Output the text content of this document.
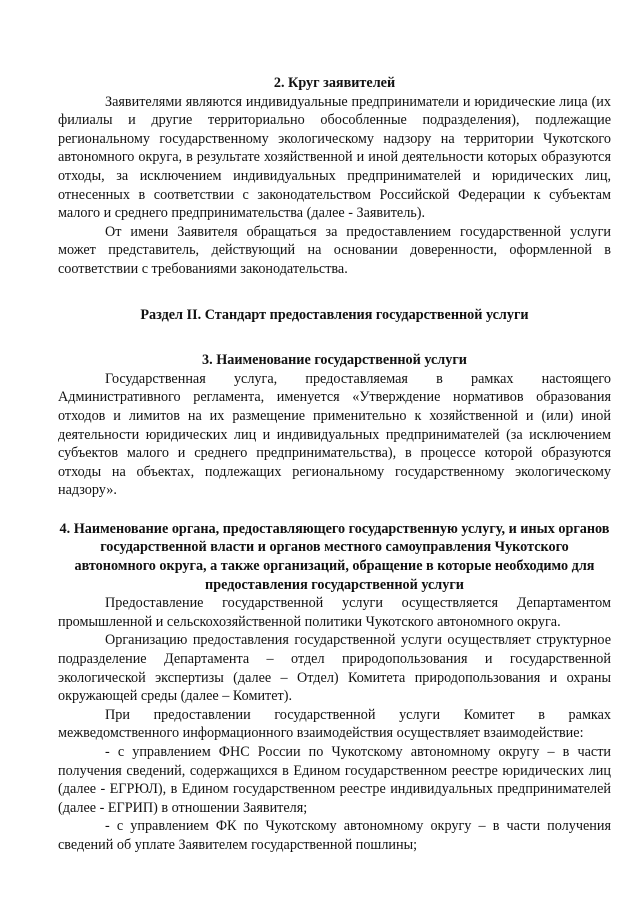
2. Круг заявителей

Заявителями являются индивидуальные предприниматели и юридические лица (их филиалы и другие территориально обособленные подразделения), подлежащие региональному государственному экологическому надзору на территории Чукотского автономного округа, в результате хозяйственной и иной деятельности которых образуются отходы, за исключением индивидуальных предпринимателей и юридических лиц, отнесенных в соответствии с законодательством Российской Федерации к субъектам малого и среднего предпринимательства (далее - Заявитель).

От имени Заявителя обращаться за предоставлением государственной услуги может представитель, действующий на основании доверенности, оформленной в соответствии с требованиями законодательства.

Раздел II. Стандарт предоставления государственной услуги
3. Наименование государственной услуги

Государственная услуга, предоставляемая в рамках настоящего Административного регламента, именуется «Утверждение нормативов образования отходов и лимитов на их размещение применительно к хозяйственной и (или) иной деятельности юридических лиц и индивидуальных предпринимателей (за исключением субъектов малого и среднего предпринимательства), в процессе которой образуются отходы на объектах, подлежащих региональному государственному экологическому надзору».

4. Наименование органа, предоставляющего государственную услугу, и иных органов государственной власти и органов местного самоуправления Чукотского автономного округа, а также организаций, обращение в которые необходимо для предоставления государственной услуги

Предоставление государственной услуги осуществляется Департаментом промышленной и сельскохозяйственной политики Чукотского автономного округа.

Организацию предоставления государственной услуги осуществляет структурное подразделение Департамента – отдел природопользования и государственной экологической экспертизы (далее – Отдел) Комитета природопользования и охраны окружающей среды (далее – Комитет).

При предоставлении государственной услуги Комитет в рамках межведомственного информационного взаимодействия осуществляет взаимодействие:

- с управлением ФНС России по Чукотскому автономному округу – в части получения сведений, содержащихся в Едином государственном реестре юридических лиц (далее - ЕГРЮЛ), в Едином государственном реестре индивидуальных предпринимателей (далее - ЕГРИП) в отношении Заявителя;

- с управлением ФК по Чукотскому автономному округу – в части получения сведений об уплате Заявителем государственной пошлины;
